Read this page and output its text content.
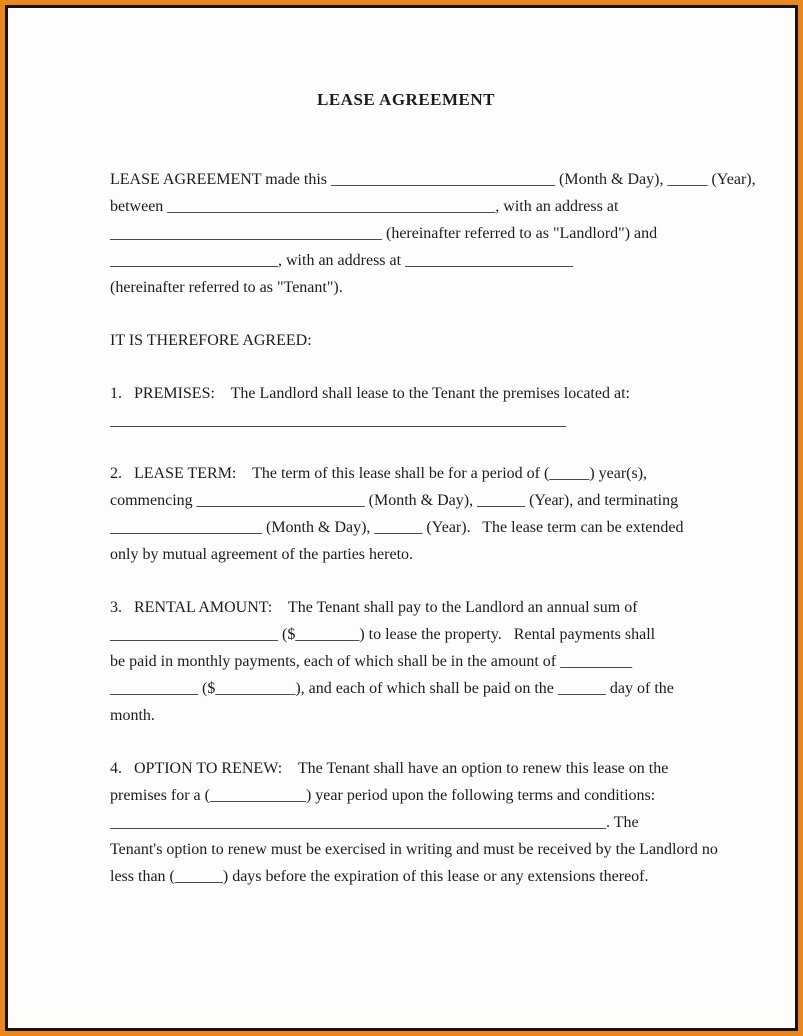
LEASE AGREEMENT
LEASE AGREEMENT made this ____________________________ (Month & Day), _____ (Year),
between _________________________________________, with an address at
__________________________________ (hereinafter referred to as "Landlord") and
_____________________, with an address at _____________________
(hereinafter referred to as "Tenant").
IT IS THEREFORE AGREED:
1.   PREMISES:    The Landlord shall lease to the Tenant the premises located at:
_________________________________________________________
2.   LEASE TERM:    The term of this lease shall be for a period of (_____) year(s),
commencing _____________________ (Month & Day), ______ (Year), and terminating
___________________ (Month & Day), ______ (Year).   The lease term can be extended
only by mutual agreement of the parties hereto.
3.   RENTAL AMOUNT:    The Tenant shall pay to the Landlord an annual sum of
_____________________ ($________) to lease the property.   Rental payments shall
be paid in monthly payments, each of which shall be in the amount of _________
___________ ($__________), and each of which shall be paid on the ______ day of the
month.
4.   OPTION TO RENEW:    The Tenant shall have an option to renew this lease on the
premises for a (____________) year period upon the following terms and conditions:
______________________________________________________________. The
Tenant's option to renew must be exercised in writing and must be received by the Landlord no
less than (______) days before the expiration of this lease or any extensions thereof.
